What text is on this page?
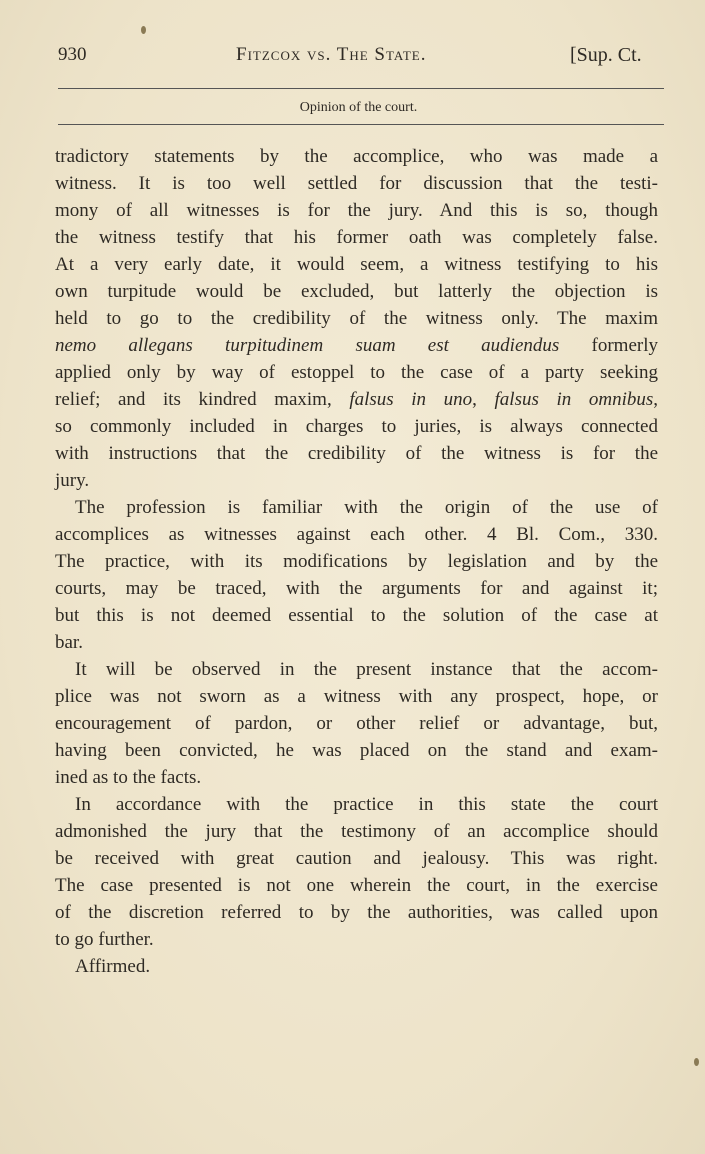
930	Fitzcox vs. The State.	[Sup. Ct.
Opinion of the court.
tradictory statements by the accomplice, who was made a
witness. It is too well settled for discussion that the testi-
mony of all witnesses is for the jury. And this is so, though
the witness testify that his former oath was completely false.
At a very early date, it would seem, a witness testifying to his
own turpitude would be excluded, but latterly the objection is
held to go to the credibility of the witness only. The maxim
nemo allegans turpitudinem suam est audiendus formerly
applied only by way of estoppel to the case of a party seeking
relief; and its kindred maxim, falsus in uno, falsus in omnibus,
so commonly included in charges to juries, is always connected
with instructions that the credibility of the witness is for the
jury.
The profession is familiar with the origin of the use of
accomplices as witnesses against each other. 4 Bl. Com., 330.
The practice, with its modifications by legislation and by the
courts, may be traced, with the arguments for and against it;
but this is not deemed essential to the solution of the case at
bar.
It will be observed in the present instance that the accom-
plice was not sworn as a witness with any prospect, hope, or
encouragement of pardon, or other relief or advantage, but,
having been convicted, he was placed on the stand and exam-
ined as to the facts.
In accordance with the practice in this state the court
admonished the jury that the testimony of an accomplice should
be received with great caution and jealousy. This was right.
The case presented is not one wherein the court, in the exercise
of the discretion referred to by the authorities, was called upon
to go further.
Affirmed.
